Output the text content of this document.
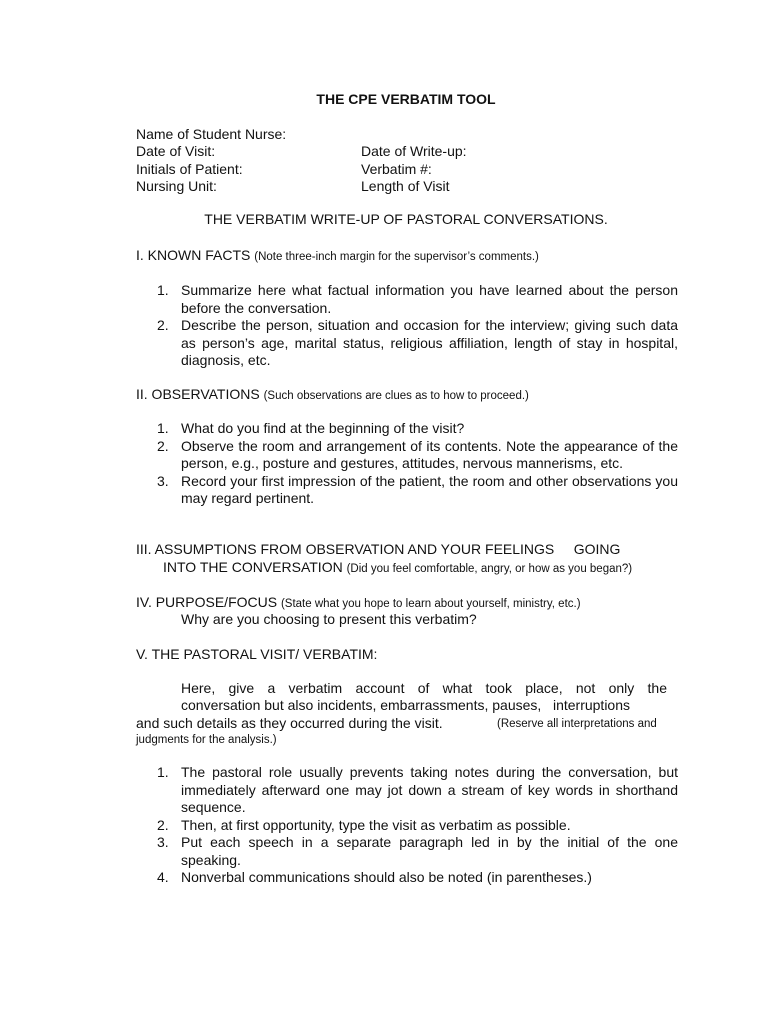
THE CPE VERBATIM TOOL
Name of Student Nurse:
Date of Visit:	Date of Write-up:
Initials of Patient:	Verbatim #:
Nursing Unit:	Length of Visit
THE VERBATIM WRITE-UP OF PASTORAL CONVERSATIONS.
I. KNOWN FACTS (Note three-inch margin for the supervisor’s comments.)
1. Summarize here what factual information you have learned about the person before the conversation.
2. Describe the person, situation and occasion for the interview; giving such data as person’s age, marital status, religious affiliation, length of stay in hospital, diagnosis, etc.
II. OBSERVATIONS (Such observations are clues as to how to proceed.)
1. What do you find at the beginning of the visit?
2. Observe the room and arrangement of its contents. Note the appearance of the person, e.g., posture and gestures, attitudes, nervous mannerisms, etc.
3. Record your first impression of the patient, the room and other observations you may regard pertinent.
III. ASSUMPTIONS FROM OBSERVATION AND YOUR FEELINGS     GOING
INTO THE CONVERSATION (Did you feel comfortable, angry, or how as you began?)
IV. PURPOSE/FOCUS (State what you hope to learn about yourself, ministry, etc.)
Why are you choosing to present this verbatim?
V. THE PASTORAL VISIT/ VERBATIM:
Here, give a verbatim account of what took place, not only the
conversation but also incidents, embarrassments, pauses,   interruptions
and such details as they occurred during the visit.	(Reserve all interpretations and
judgments for the analysis.)
1. The pastoral role usually prevents taking notes during the conversation, but immediately afterward one may jot down a stream of key words in shorthand sequence.
2. Then, at first opportunity, type the visit as verbatim as possible.
3. Put each speech in a separate paragraph led in by the initial of the one speaking.
4. Nonverbal communications should also be noted (in parentheses.)
